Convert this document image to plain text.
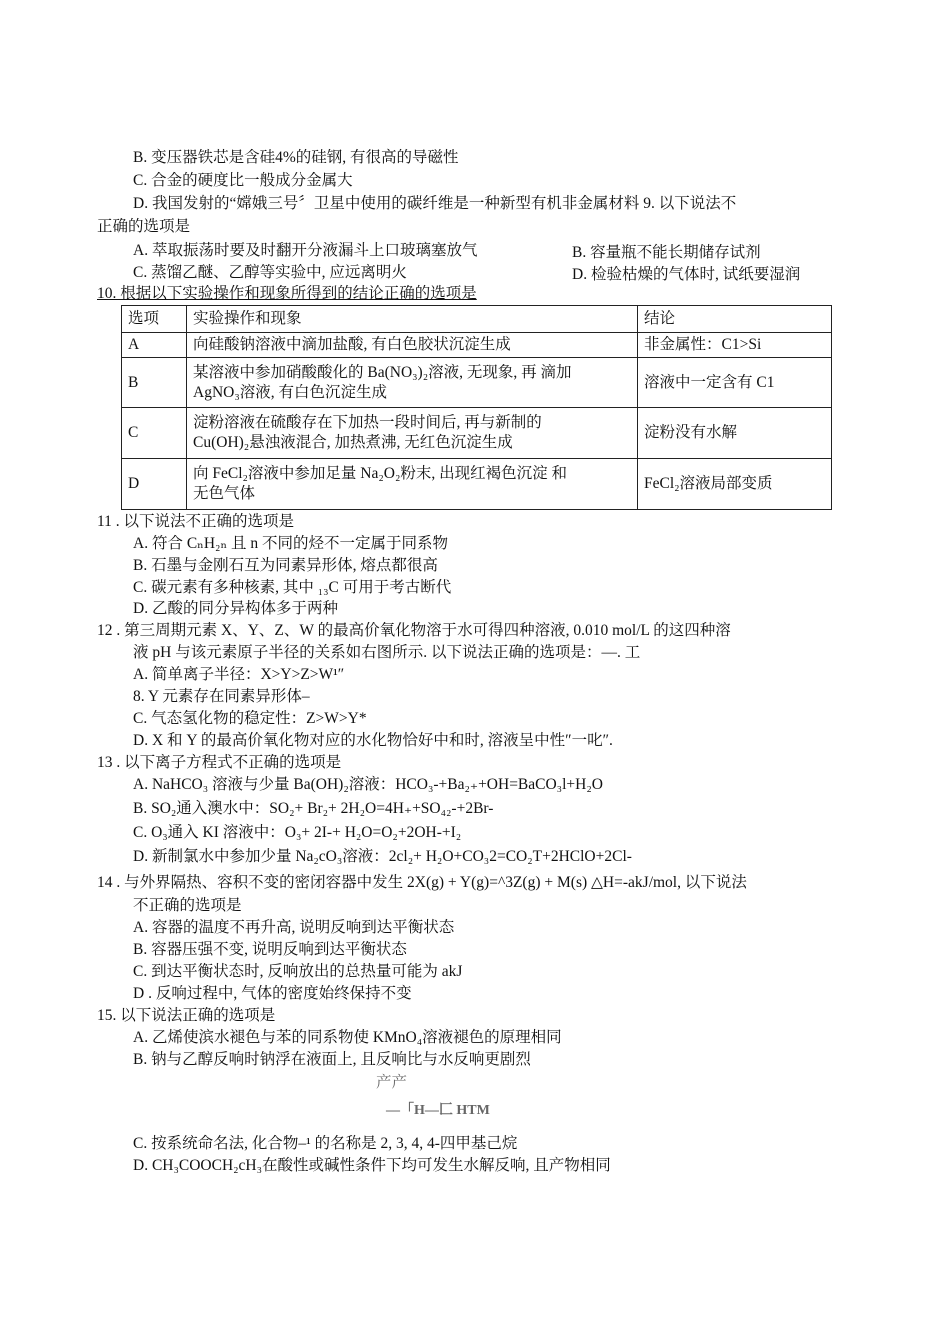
B. 变压器铁芯是含硅4%的硅钢, 有很高的导磁性
C. 合金的硬度比一般成分金属大
D. 我国发射的“嫦娥三号〞卫星中使用的碳纤维是一种新型有机非金属材料 9. 以下说法不
正确的选项是
A. 萃取振荡时要及时翻开分液漏斗上口玻璃塞放气	B. 容量瓶不能长期储存试剂
C. 蒸馏乙醚、乙醇等实验中, 应远离明火	D. 检验枯燥的气体时, 试纸要湿润
10. 根据以下实验操作和现象所得到的结论正确的选项是
选项	实验操作和现象	结论
A	向硅酸钠溶液中滴加盐酸, 有白色胶状沉淀生成	非金属性：C1>Si
B	某溶液中参加硝酸酸化的 Ba(NO₃)₂溶液, 无现象, 再 滴加
AgNO₃溶液, 有白色沉淀生成	溶液中一定含有 C1
C	淀粉溶液在硫酸存在下加热一段时间后, 再与新制的
Cu(OH)₂悬浊液混合, 加热煮沸, 无红色沉淀生成	淀粉没有水解
D	向 FeCl₂溶液中参加足量 Na₂O₂粉末, 出现红褐色沉淀 和
无色气体	FeCl₂溶液局部变质
11 . 以下说法不正确的选项是
A. 符合 CₙH₂ₙ 且 n 不同的烃不一定属于同系物
B. 石墨与金刚石互为同素异形体, 熔点都很高
C. 碳元素有多种核素, 其中 ₁₃C 可用于考古断代
D. 乙酸的同分异构体多于两种
12 . 第三周期元素 X、Y、Z、W 的最高价氧化物溶于水可得四种溶液, 0.010 mol/L 的这四种溶
液 pH 与该元素原子半径的关系如右图所示. 以下说法正确的选项是：—. 工
A. 简单离子半径：X>Y>Z>W¹″
8. Y 元素存在同素异形体–
C. 气态氢化物的稳定性：Z>W>Y*
D. X 和 Y 的最高价氧化物对应的水化物恰好中和时, 溶液呈中性″一叱″.
13 . 以下离子方程式不正确的选项是
A. NaHCO₃ 溶液与少量 Ba(OH)₂溶液：HCO₃-+Ba₂₊+OH=BaCO₃l+H₂O
B. SO₂通入澳水中：SO₂+ Br₂+ 2H₂O=4H₊+SO₄₂-+2Br-
C. O₃通入 KI 溶液中：O₃+ 2I-+ H₂O=O₂+2OH-+I₂
D. 新制氯水中参加少量 Na₂cO₃溶液：2cl₂+ H₂O+CO₃2=CO₂T+2HClO+2Cl-
14 . 与外界隔热、容积不变的密闭容器中发生 2X(g) + Y(g)=^3Z(g) + M(s) △H=-akJ/mol, 以下说法
不正确的选项是
A. 容器的温度不再升高, 说明反响到达平衡状态
B. 容器压强不变, 说明反响到达平衡状态
C. 到达平衡状态时, 反响放出的总热量可能为 akJ
D . 反响过程中, 气体的密度始终保持不变
15. 以下说法正确的选项是
A. 乙烯使滨水褪色与苯的同系物使 KMnO₄溶液褪色的原理相同
B. 钠与乙醇反响时钠浮在液面上, 且反响比与水反响更剧烈
产产
—「H—匚 HTM
C. 按系统命名法, 化合物–¹ 的名称是 2, 3, 4, 4-四甲基己烷
D. CH₃COOCH₂cH₃在酸性或碱性条件下均可发生水解反响, 且产物相同
